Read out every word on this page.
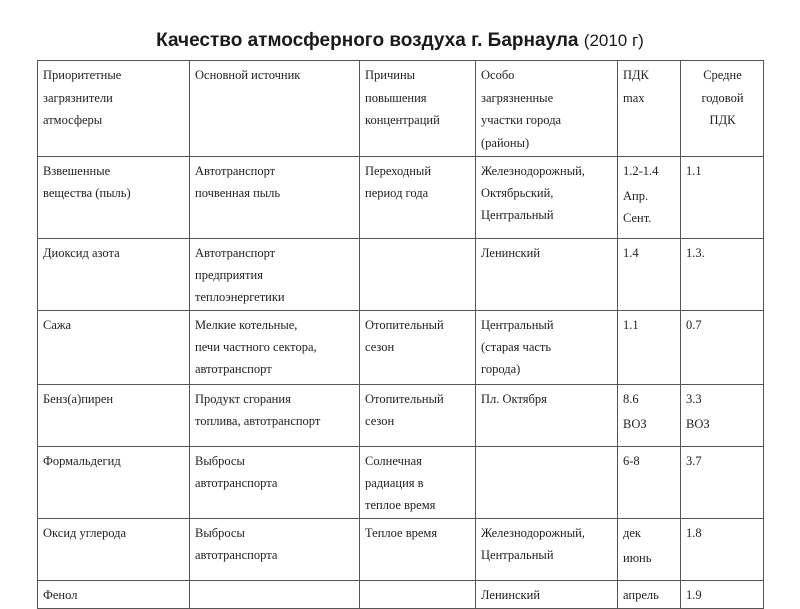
Качество атмосферного воздуха г. Барнаула (2010 г)
Приоритетные
загрязнители
атмосферы	Основной источник	Причины
повышения
концентраций	Особо
загрязненные
участки города
(районы)	ПДК
max	Средне
годовой
ПДК

Взвешенные
вещества (пыль)	Автотранспорт
почвенная пыль	Переходный
период года	Железнодорожный,
Октябрьский,
Центральный	1.2-1.4
Апр.
Сент.	1.1

Диоксид азота	Автотранспорт
предприятия
теплоэнергетики		Ленинский	1.4	1.3.

Сажа	Мелкие котельные,
печи частного сектора,
автотранспорт	Отопительный
сезон	Центральный
(старая часть
города)	1.1	0.7

Бенз(а)пирен	Продукт сгорания
топлива, автотранспорт	Отопительный
сезон	Пл. Октября	8.6
ВОЗ	3.3
ВОЗ

Формальдегид	Выбросы
автотранспорта	Солнечная
радиация в
теплое время		6-8	3.7

Оксид углерода	Выбросы
автотранспорта	Теплое время	Железнодорожный,
Центральный	дек
июнь	1.8

Фенол			Ленинский	апрель	1.9
